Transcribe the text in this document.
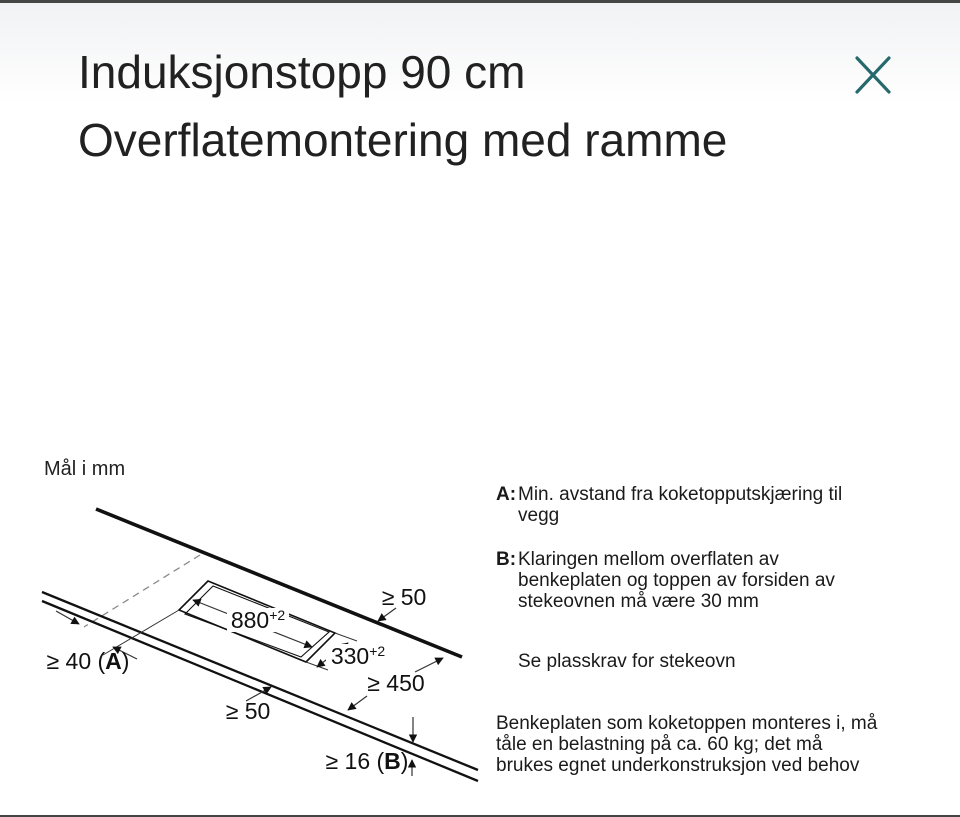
Induksjonstopp 90 cm
Overflatemontering med ramme
Mål i mm
$880^{+2}$
$330^{+2}$
≥ 50
≥ 450
≥ 40 (A)
≥ 50
≥ 16 (B)
A: Min. avstand fra koketopputskjæring til
vegg
B: Klaringen mellom overflaten av
benkeplaten og toppen av forsiden av
stekeovnen må være 30 mm
Se plasskrav for stekeovn
Benkeplaten som koketoppen monteres i, må
tåle en belastning på ca. 60 kg; det må
brukes egnet underkonstruksjon ved behov
